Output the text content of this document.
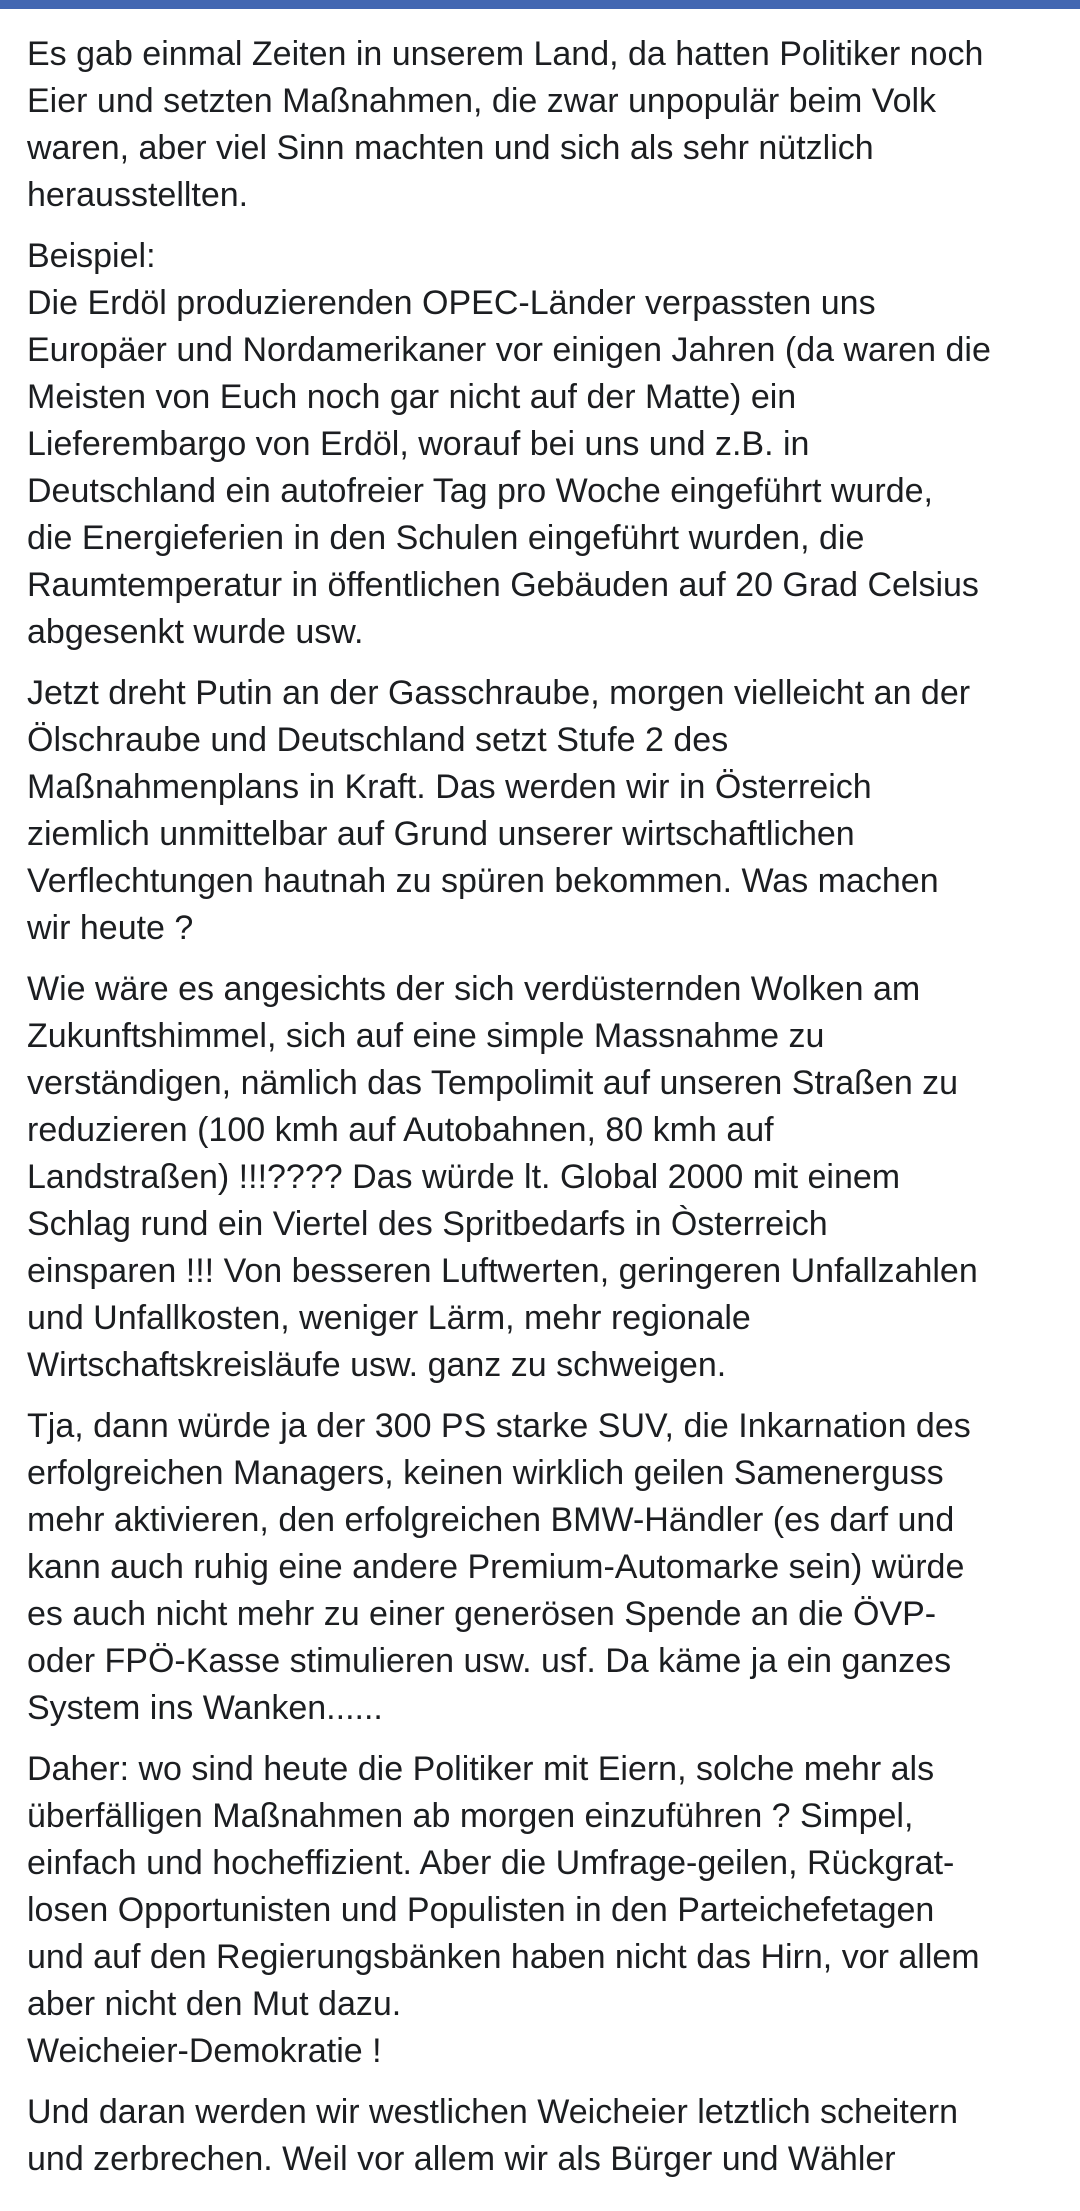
Es gab einmal Zeiten in unserem Land, da hatten Politiker noch
Eier und setzten Maßnahmen, die zwar unpopulär beim Volk
waren, aber viel Sinn machten und sich als sehr nützlich
herausstellten.

Beispiel:
Die Erdöl produzierenden OPEC-Länder verpassten uns
Europäer und Nordamerikaner vor einigen Jahren (da waren die
Meisten von Euch noch gar nicht auf der Matte) ein
Lieferembargo von Erdöl, worauf bei uns und z.B. in
Deutschland ein autofreier Tag pro Woche eingeführt wurde,
die Energieferien in den Schulen eingeführt wurden, die
Raumtemperatur in öffentlichen Gebäuden auf 20 Grad Celsius
abgesenkt wurde usw.

Jetzt dreht Putin an der Gasschraube, morgen vielleicht an der
Ölschraube und Deutschland setzt Stufe 2 des
Maßnahmenplans in Kraft. Das werden wir in Österreich
ziemlich unmittelbar auf Grund unserer wirtschaftlichen
Verflechtungen hautnah zu spüren bekommen. Was machen
wir heute ?

Wie wäre es angesichts der sich verdüsternden Wolken am
Zukunftshimmel, sich auf eine simple Massnahme zu
verständigen, nämlich das Tempolimit auf unseren Straßen zu
reduzieren (100 kmh auf Autobahnen, 80 kmh auf
Landstraßen) !!!???? Das würde lt. Global 2000 mit einem
Schlag rund ein Viertel des Spritbedarfs in Òsterreich
einsparen !!! Von besseren Luftwerten, geringeren Unfallzahlen
und Unfallkosten, weniger Lärm, mehr regionale
Wirtschaftskreisläufe usw. ganz zu schweigen.

Tja, dann würde ja der 300 PS starke SUV, die Inkarnation des
erfolgreichen Managers, keinen wirklich geilen Samenerguss
mehr aktivieren, den erfolgreichen BMW-Händler (es darf und
kann auch ruhig eine andere Premium-Automarke sein) würde
es auch nicht mehr zu einer generösen Spende an die ÖVP-
oder FPÖ-Kasse stimulieren usw. usf. Da käme ja ein ganzes
System ins Wanken......

Daher: wo sind heute die Politiker mit Eiern, solche mehr als
überfälligen Maßnahmen ab morgen einzuführen ? Simpel,
einfach und hocheffizient. Aber die Umfrage-geilen, Rückgrat-
losen Opportunisten und Populisten in den Parteichefetagen
und auf den Regierungsbänken haben nicht das Hirn, vor allem
aber nicht den Mut dazu.
Weicheier-Demokratie !

Und daran werden wir westlichen Weicheier letztlich scheitern
und zerbrechen. Weil vor allem wir als Bürger und Wähler
